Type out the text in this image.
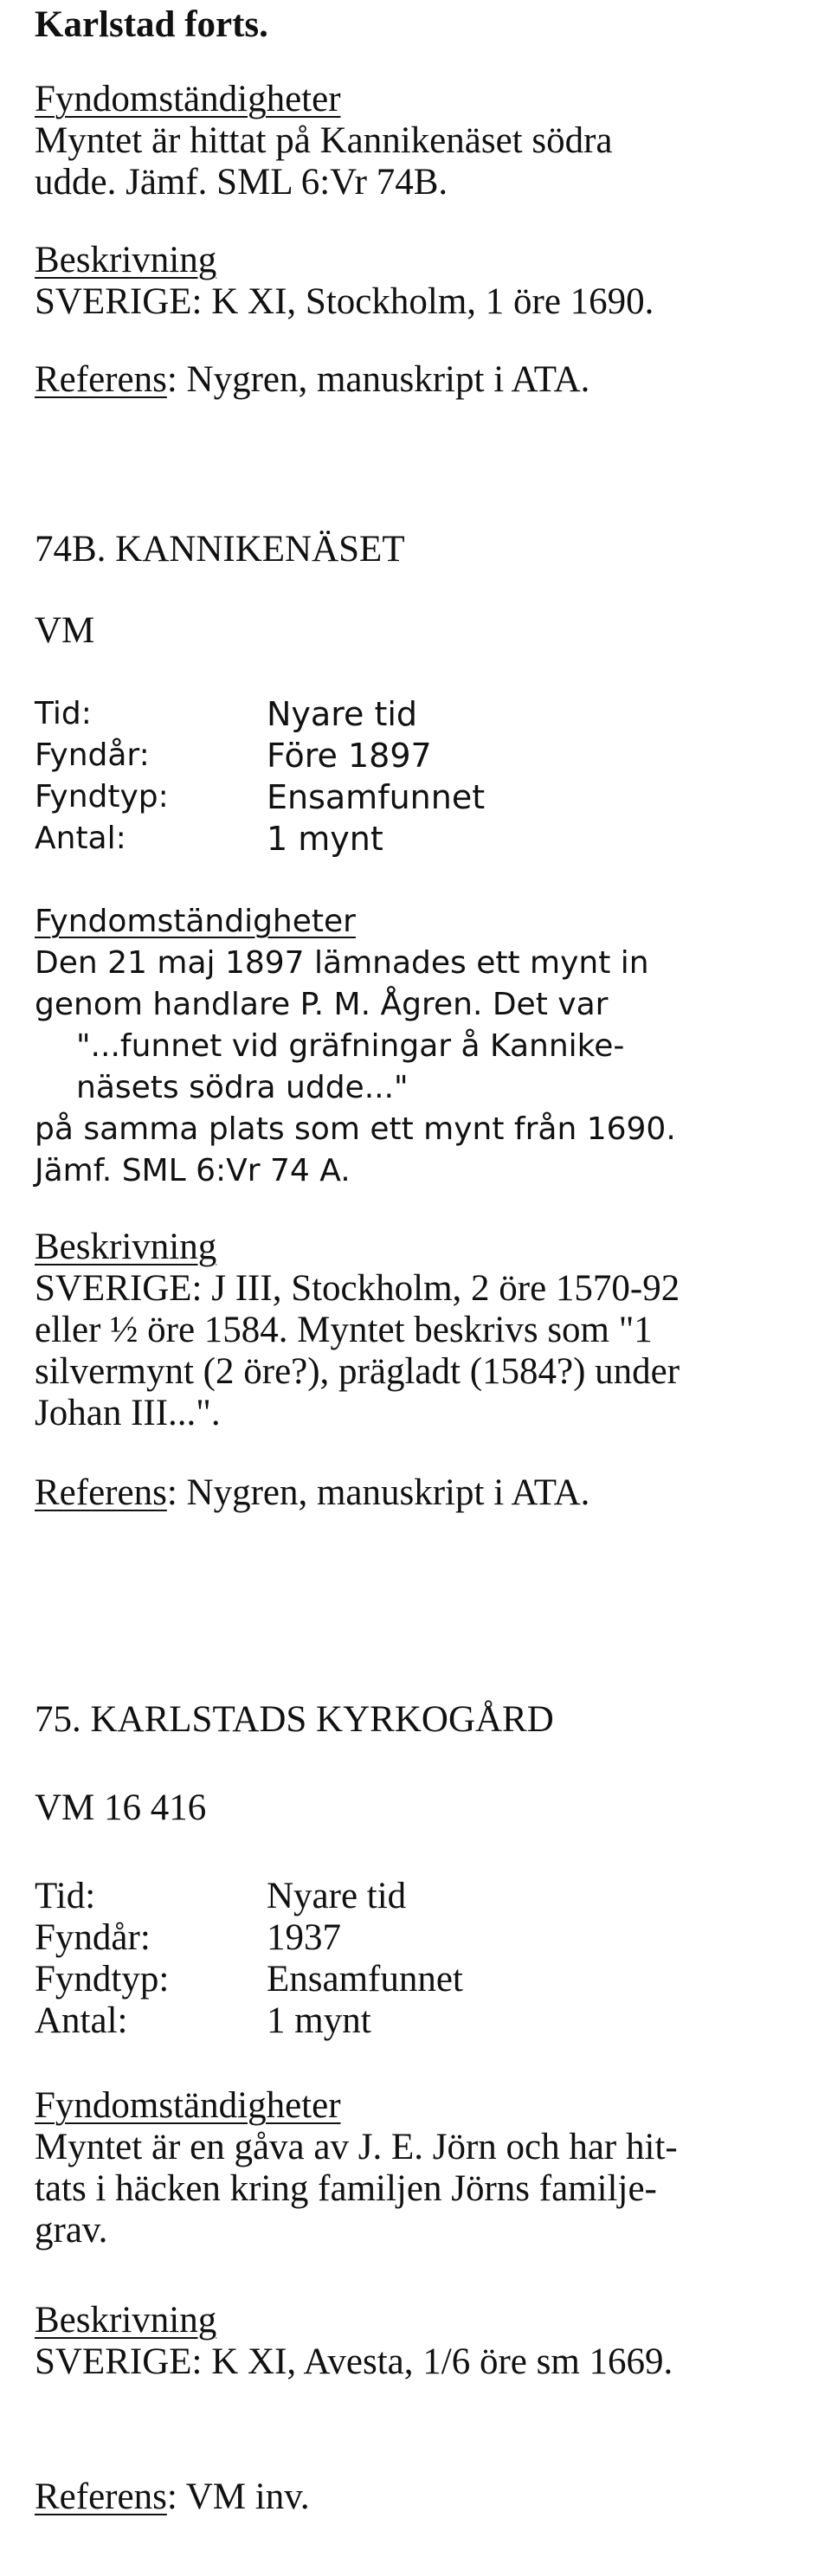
Karlstad forts.
Fyndomständigheter
Myntet är hittat på Kannikenäset södra
udde. Jämf. SML 6:Vr 74B.
Beskrivning
SVERIGE: K XI, Stockholm, 1 öre 1690.
Referens: Nygren, manuskript i ATA.
74B. KANNIKENÄSET
VM
Tid:	Nyare tid
Fyndår:	Före 1897
Fyndtyp:	Ensamfunnet
Antal:	1 mynt
Fyndomständigheter
Den 21 maj 1897 lämnades ett mynt in
genom handlare P. M. Ågren. Det var
"...funnet vid gräfningar å Kannike-
näsets södra udde..."
på samma plats som ett mynt från 1690.
Jämf. SML 6:Vr 74 A.
Beskrivning
SVERIGE: J III, Stockholm, 2 öre 1570-92
eller ½ öre 1584. Myntet beskrivs som "1
silvermynt (2 öre?), prägladt (1584?) under
Johan III...".
Referens: Nygren, manuskript i ATA.
75. KARLSTADS KYRKOGÅRD
VM 16 416
Tid:	Nyare tid
Fyndår:	1937
Fyndtyp:	Ensamfunnet
Antal:	1 mynt
Fyndomständigheter
Myntet är en gåva av J. E. Jörn och har hit-
tats i häcken kring familjen Jörns familje-
grav.
Beskrivning
SVERIGE: K XI, Avesta, 1/6 öre sm 1669.
Referens: VM inv.
